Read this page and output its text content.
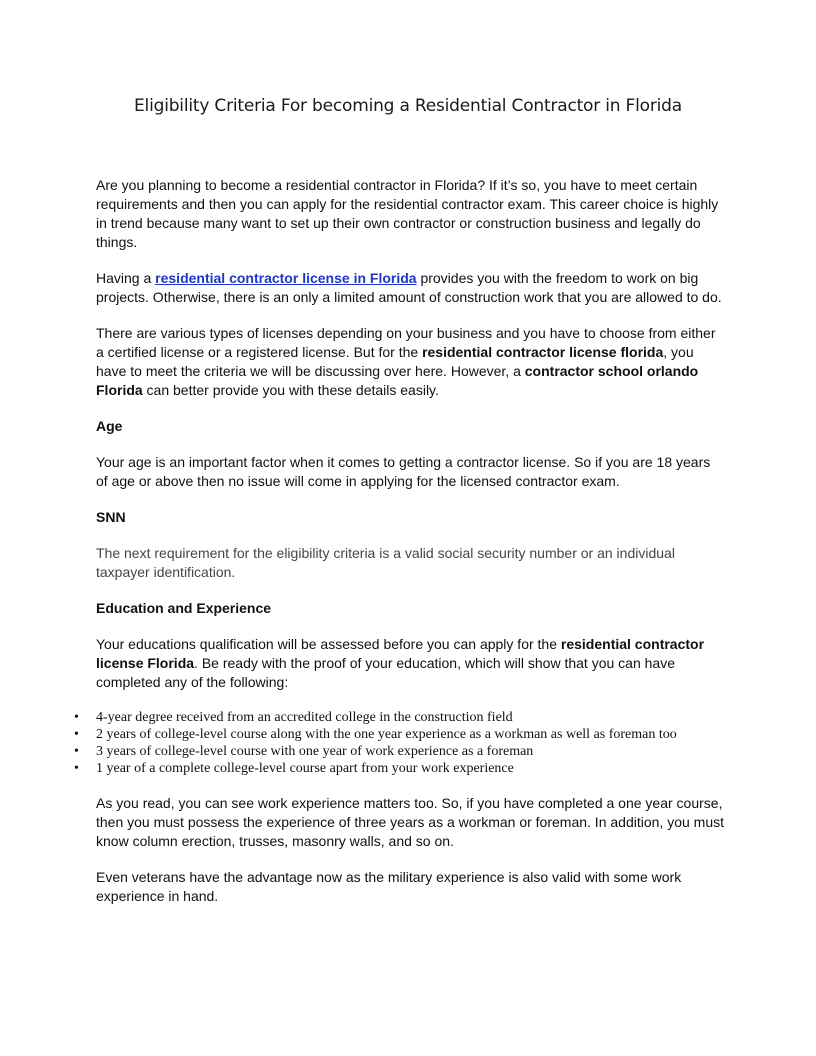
Eligibility Criteria For becoming a Residential Contractor in Florida

Are you planning to become a residential contractor in Florida? If it’s so, you have to meet certain requirements and then you can apply for the residential contractor exam. This career choice is highly in trend because many want to set up their own contractor or construction business and legally do things.

Having a residential contractor license in Florida provides you with the freedom to work on big projects. Otherwise, there is an only a limited amount of construction work that you are allowed to do.

There are various types of licenses depending on your business and you have to choose from either a certified license or a registered license. But for the residential contractor license florida, you have to meet the criteria we will be discussing over here. However, a contractor school orlando Florida can better provide you with these details easily.

Age

Your age is an important factor when it comes to getting a contractor license. So if you are 18 years of age or above then no issue will come in applying for the licensed contractor exam.

SNN

The next requirement for the eligibility criteria is a valid social security number or an individual taxpayer identification.

Education and Experience

Your educations qualification will be assessed before you can apply for the residential contractor license Florida. Be ready with the proof of your education, which will show that you can have completed any of the following:

• 4-year degree received from an accredited college in the construction field
• 2 years of college-level course along with the one year experience as a workman as well as foreman too
• 3 years of college-level course with one year of work experience as a foreman
• 1 year of a complete college-level course apart from your work experience

As you read, you can see work experience matters too. So, if you have completed a one year course, then you must possess the experience of three years as a workman or foreman. In addition, you must know column erection, trusses, masonry walls, and so on.

Even veterans have the advantage now as the military experience is also valid with some work experience in hand.
